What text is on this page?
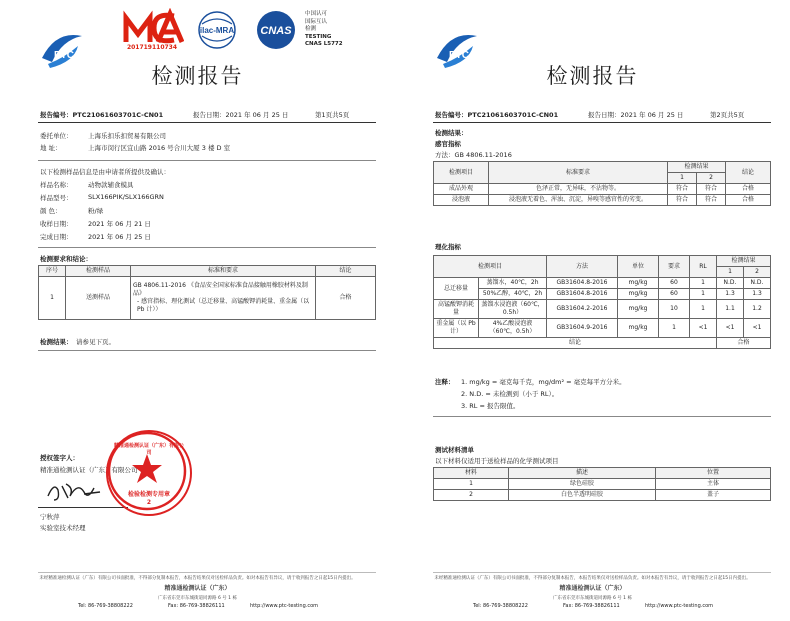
PTC
201719110734
ilac-MRA CNAS
中国认可
国际互认
检测
TESTING
CNAS L5772
检测报告
报告编号：PTC21061603701C-CN01	报告日期：2021 年 06 月 25 日	第1页共5页
委托单位： 上海乐扣乐扣贸易有限公司
地 址：	上海市闵行区宜山路 2016 号合川大厦 3 楼 D 室
以下检测样品信息是由申请者所提供及确认：
样品名称： 动物款辅食模具
样品型号： SLX166PIK/SLX166GRN
颜 色：	粉/绿
收样日期： 2021 年 06 月 21 日
完成日期： 2021 年 06 月 25 日
检测要求和结论：
序号	检测样品	标准和要求	结论
1	送测样品	GB 4806.11-2016 《食品安全国家标准食品接触用橡胶材料及制品》
- 感官指标、理化测试（总迁移量、高锰酸钾消耗量、重金属（以 Pb 计））	合格
检测结果： 请参见下页。
授权签字人：
精准通检测认证（广东）有限公司
宁秋萍
实验室技术经理
精准通检测认证（广东）有限公司
检验检测专用章
2
未经精准通检测认证（广东）有限公司书面批准，不得部分复制本报告，本报告结果仅对送检样品负责。如对本报告有异议，请于收到报告之日起15日内提出。
精准通检测认证（广东）
广东省东莞市东城街道同源路 6 号 1 栋
Tel: 86-769-38808222	Fax: 86-769-38826111	http://www.ptc-testing.com
PTC
检测报告
报告编号：PTC21061603701C-CN01	报告日期：2021 年 06 月 25 日	第2页共5页
检测结果：
感官指标
方法：GB 4806.11-2016
检测项目	标准要求	检测结果		结论
		1	2	
成品外观	色泽正常，无异味，不沾物等。	符合	符合	合格
浸泡液	浸泡液无着色、浑浊、沉淀，异嗅等感官性的劣变。	符合	符合	合格
理化指标
检测项目		方法	单位	要求	RL	检测结果	
						1	2
总迁移量	蒸馏水，40℃，2h	GB31604.8-2016	mg/kg	60	1	N.D.	N.D.
	50%乙醇，40℃，2h	GB31604.8-2016	mg/kg	60	1	1.3	1.3
高锰酸钾消耗量	蒸馏水浸泡液（60℃，0.5h）	GB31604.2-2016	mg/kg	10	1	1.1	1.2
重金属（以 Pb 计）	4%乙酸浸泡液（60℃，0.5h）	GB31604.9-2016	mg/kg	1	<1	<1	<1
结论						合格	
注释： 1. mg/kg = 毫克每千克，mg/dm² = 毫克每平方分米。
2. N.D. = 未检测到（小于 RL）。
3. RL = 报告限值。
测试材料清单
以下材料仅适用于送检样品的化学测试项目
材料	描述	位置
1	绿色硅胶	主体
2	白色半透明硅胶	盖子
未经精准通检测认证（广东）有限公司书面批准，不得部分复制本报告，本报告结果仅对送检样品负责。如对本报告有异议，请于收到报告之日起15日内提出。
精准通检测认证（广东）
广东省东莞市东城街道同源路 6 号 1 栋
Tel: 86-769-38808222	Fax: 86-769-38826111	http://www.ptc-testing.com
